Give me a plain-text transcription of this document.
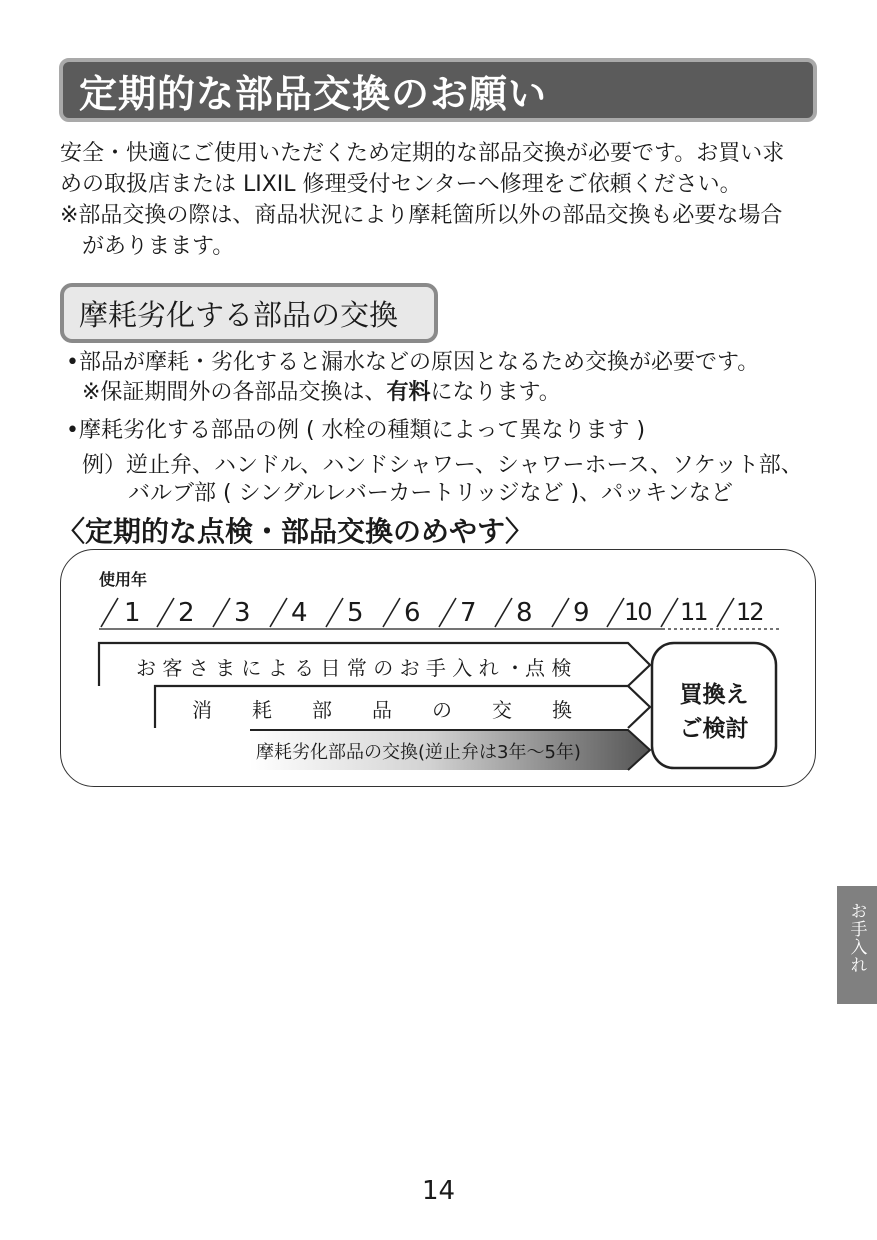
定期的な部品交換のお願い
安全・快適にご使用いただくため定期的な部品交換が必要です。お買い求
めの取扱店または LIXIL 修理受付センターへ修理をご依頼ください。
※部品交換の際は、商品状況により摩耗箇所以外の部品交換も必要な場合
がありまます。
摩耗劣化する部品の交換
•部品が摩耗・劣化すると漏水などの原因となるため交換が必要です。
※保証期間外の各部品交換は、有料になります。
•摩耗劣化する部品の例 ( 水栓の種類によって異なります )
例）逆止弁、ハンドル、ハンドシャワー、シャワーホース、ソケット部、
バルブ部 ( シングルレバーカートリッジなど )、パッキンなど
〈定期的な点検・部品交換のめやす〉
使用年
1 2 3 4 5 6 7 8 9 10 11 12
お 客 さ ま に よ る 日 常 の お 手 入 れ ・点 検
消　　耗　　部　　品　　の　　交　　換
摩耗劣化部品の交換(逆止弁は3年〜5年)
買換え
ご検討
お手入れ
14
